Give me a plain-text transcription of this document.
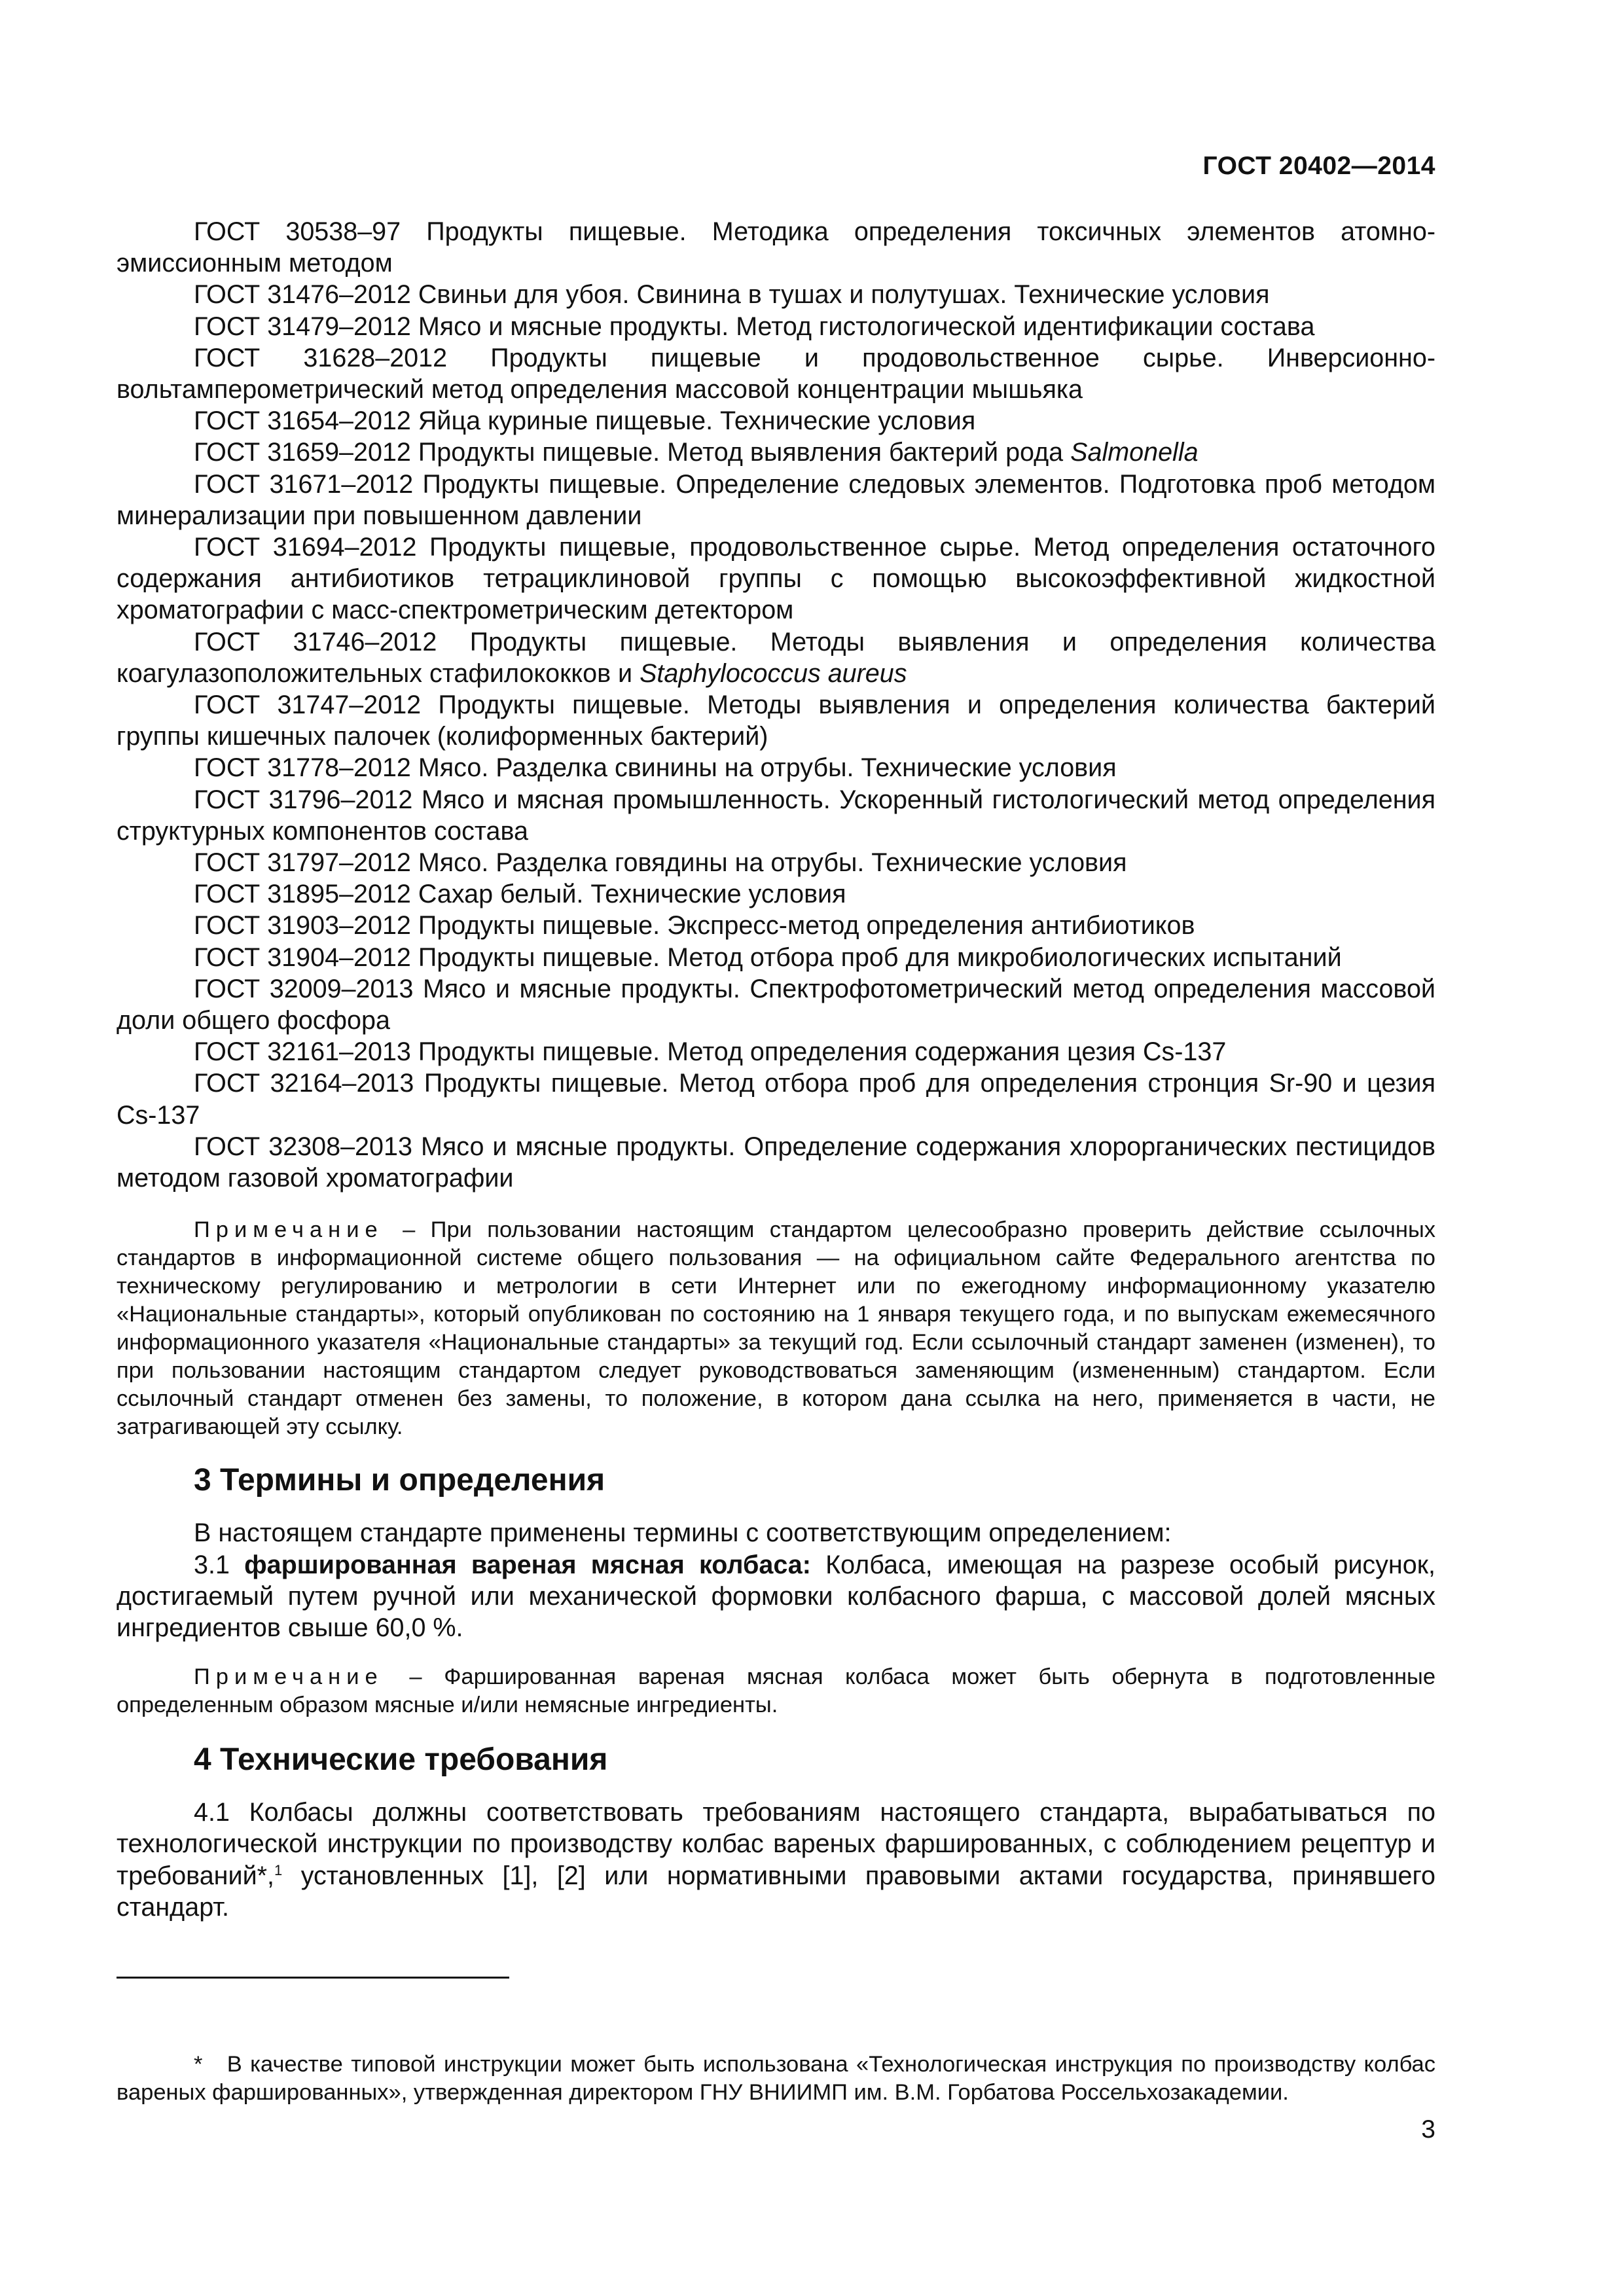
ГОСТ 20402—2014

ГОСТ 30538–97 Продукты пищевые. Методика определения токсичных элементов атомно-эмиссионным методом

ГОСТ 31476–2012 Свиньи для убоя. Свинина в тушах и полутушах. Технические условия

ГОСТ 31479–2012 Мясо и мясные продукты. Метод гистологической идентификации состава

ГОСТ 31628–2012 Продукты пищевые и продовольственное сырье. Инверсионно-вольтамперометрический метод определения массовой концентрации мышьяка

ГОСТ 31654–2012 Яйца куриные пищевые. Технические условия

ГОСТ 31659–2012 Продукты пищевые. Метод выявления бактерий рода Salmonella

ГОСТ 31671–2012 Продукты пищевые. Определение следовых элементов. Подготовка проб методом минерализации при повышенном давлении

ГОСТ 31694–2012 Продукты пищевые, продовольственное сырье. Метод определения остаточного содержания антибиотиков тетрациклиновой группы с помощью высокоэффективной жидкостной хроматографии с масс-спектрометрическим детектором

ГОСТ 31746–2012 Продукты пищевые. Методы выявления и определения количества коагулазоположительных стафилококков и Staphylococcus aureus

ГОСТ 31747–2012 Продукты пищевые. Методы выявления и определения количества бактерий группы кишечных палочек (колиформенных бактерий)

ГОСТ 31778–2012 Мясо. Разделка свинины на отрубы. Технические условия

ГОСТ 31796–2012 Мясо и мясная промышленность. Ускоренный гистологический метод определения структурных компонентов состава

ГОСТ 31797–2012 Мясо. Разделка говядины на отрубы. Технические условия

ГОСТ 31895–2012 Сахар белый. Технические условия

ГОСТ 31903–2012 Продукты пищевые. Экспресс-метод определения антибиотиков

ГОСТ 31904–2012 Продукты пищевые. Метод отбора проб для микробиологических испытаний

ГОСТ 32009–2013 Мясо и мясные продукты. Спектрофотометрический метод определения массовой доли общего фосфора

ГОСТ 32161–2013 Продукты пищевые. Метод определения содержания цезия Cs-137

ГОСТ 32164–2013 Продукты пищевые. Метод отбора проб для определения стронция Sr-90 и цезия Cs-137

ГОСТ 32308–2013 Мясо и мясные продукты. Определение содержания хлорорганических пестицидов методом газовой хроматографии

Примечание – При пользовании настоящим стандартом целесообразно проверить действие ссылочных стандартов в информационной системе общего пользования — на официальном сайте Федерального агентства по техническому регулированию и метрологии в сети Интернет или по ежегодному информационному указателю «Национальные стандарты», который опубликован по состоянию на 1 января текущего года, и по выпускам ежемесячного информационного указателя «Национальные стандарты» за текущий год. Если ссылочный стандарт заменен (изменен), то при пользовании настоящим стандартом следует руководствоваться заменяющим (измененным) стандартом. Если ссылочный стандарт отменен без замены, то положение, в котором дана ссылка на него, применяется в части, не затрагивающей эту ссылку.

3 Термины и определения

В настоящем стандарте применены термины с соответствующим определением:

3.1 фаршированная вареная мясная колбаса: Колбаса, имеющая на разрезе особый рисунок, достигаемый путем ручной или механической формовки колбасного фарша, с массовой долей мясных ингредиентов свыше 60,0 %.

Примечание – Фаршированная вареная мясная колбаса может быть обернута в подготовленные определенным образом мясные и/или немясные ингредиенты.

4 Технические требования

4.1 Колбасы должны соответствовать требованиям настоящего стандарта, вырабатываться по технологической инструкции по производству колбас вареных фаршированных, с соблюдением рецептур и требований*,$^1$ установленных [1], [2] или нормативными правовыми актами государства, принявшего стандарт.

* В качестве типовой инструкции может быть использована «Технологическая инструкция по производству колбас вареных фаршированных», утвержденная директором ГНУ ВНИИМП им. В.М. Горбатова Россельхозакадемии.

3
